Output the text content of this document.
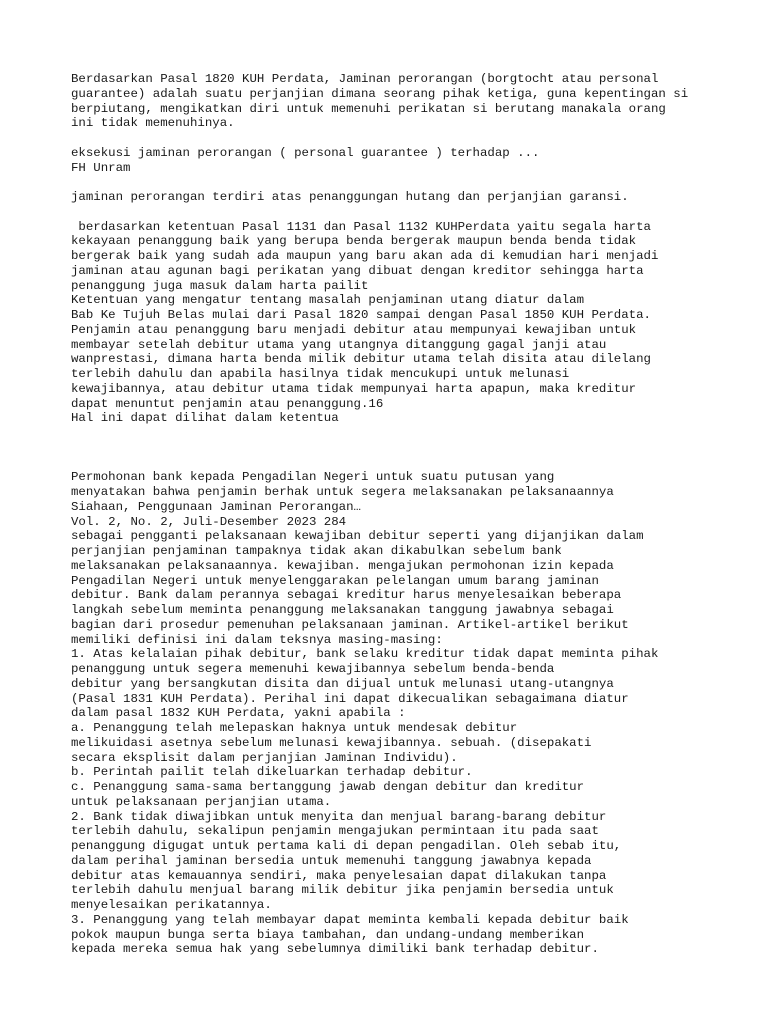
Berdasarkan Pasal 1820 KUH Perdata, Jaminan perorangan (borgtocht atau personal
guarantee) adalah suatu perjanjian dimana seorang pihak ketiga, guna kepentingan si
berpiutang, mengikatkan diri untuk memenuhi perikatan si berutang manakala orang
ini tidak memenuhinya.
eksekusi jaminan perorangan ( personal guarantee ) terhadap ...
FH Unram
jaminan perorangan terdiri atas penanggungan hutang dan perjanjian garansi.
berdasarkan ketentuan Pasal 1131 dan Pasal 1132 KUHPerdata yaitu segala harta
kekayaan penanggung baik yang berupa benda bergerak maupun benda benda tidak
bergerak baik yang sudah ada maupun yang baru akan ada di kemudian hari menjadi
jaminan atau agunan bagi perikatan yang dibuat dengan kreditor sehingga harta
penanggung juga masuk dalam harta pailit
Ketentuan yang mengatur tentang masalah penjaminan utang diatur dalam
Bab Ke Tujuh Belas mulai dari Pasal 1820 sampai dengan Pasal 1850 KUH Perdata.
Penjamin atau penanggung baru menjadi debitur atau mempunyai kewajiban untuk
membayar setelah debitur utama yang utangnya ditanggung gagal janji atau
wanprestasi, dimana harta benda milik debitur utama telah disita atau dilelang
terlebih dahulu dan apabila hasilnya tidak mencukupi untuk melunasi
kewajibannya, atau debitur utama tidak mempunyai harta apapun, maka kreditur
dapat menuntut penjamin atau penanggung.16
Hal ini dapat dilihat dalam ketentua
Permohonan bank kepada Pengadilan Negeri untuk suatu putusan yang
menyatakan bahwa penjamin berhak untuk segera melaksanakan pelaksanaannya
Siahaan, Penggunaan Jaminan Perorangan…
Vol. 2, No. 2, Juli-Desember 2023 284
sebagai pengganti pelaksanaan kewajiban debitur seperti yang dijanjikan dalam
perjanjian penjaminan tampaknya tidak akan dikabulkan sebelum bank
melaksanakan pelaksanaannya. kewajiban. mengajukan permohonan izin kepada
Pengadilan Negeri untuk menyelenggarakan pelelangan umum barang jaminan
debitur. Bank dalam perannya sebagai kreditur harus menyelesaikan beberapa
langkah sebelum meminta penanggung melaksanakan tanggung jawabnya sebagai
bagian dari prosedur pemenuhan pelaksanaan jaminan. Artikel-artikel berikut
memiliki definisi ini dalam teksnya masing-masing:
1. Atas kelalaian pihak debitur, bank selaku kreditur tidak dapat meminta pihak
penanggung untuk segera memenuhi kewajibannya sebelum benda-benda
debitur yang bersangkutan disita dan dijual untuk melunasi utang-utangnya
(Pasal 1831 KUH Perdata). Perihal ini dapat dikecualikan sebagaimana diatur
dalam pasal 1832 KUH Perdata, yakni apabila :
a. Penanggung telah melepaskan haknya untuk mendesak debitur
melikuidasi asetnya sebelum melunasi kewajibannya. sebuah. (disepakati
secara eksplisit dalam perjanjian Jaminan Individu).
b. Perintah pailit telah dikeluarkan terhadap debitur.
c. Penanggung sama-sama bertanggung jawab dengan debitur dan kreditur
untuk pelaksanaan perjanjian utama.
2. Bank tidak diwajibkan untuk menyita dan menjual barang-barang debitur
terlebih dahulu, sekalipun penjamin mengajukan permintaan itu pada saat
penanggung digugat untuk pertama kali di depan pengadilan. Oleh sebab itu,
dalam perihal jaminan bersedia untuk memenuhi tanggung jawabnya kepada
debitur atas kemauannya sendiri, maka penyelesaian dapat dilakukan tanpa
terlebih dahulu menjual barang milik debitur jika penjamin bersedia untuk
menyelesaikan perikatannya.
3. Penanggung yang telah membayar dapat meminta kembali kepada debitur baik
pokok maupun bunga serta biaya tambahan, dan undang-undang memberikan
kepada mereka semua hak yang sebelumnya dimiliki bank terhadap debitur.
